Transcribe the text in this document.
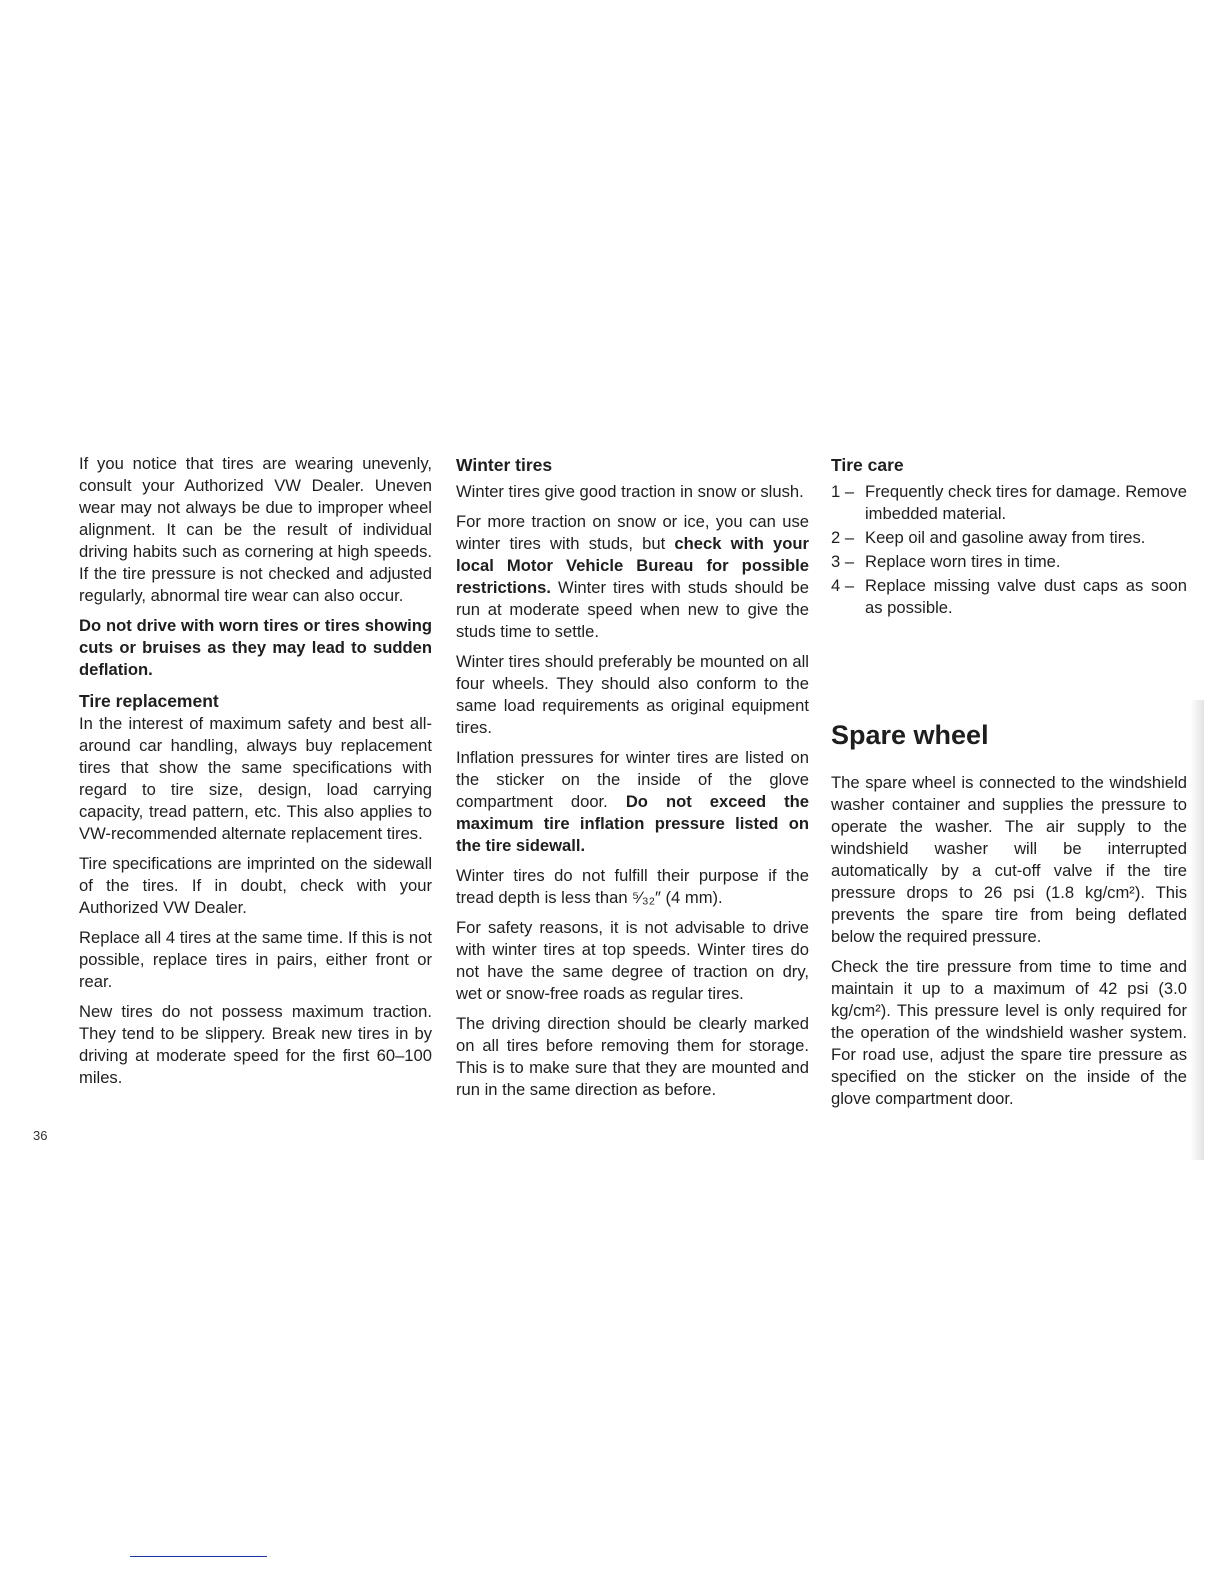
If you notice that tires are wearing unevenly, consult your Authorized VW Dealer. Uneven wear may not always be due to improper wheel alignment. It can be the result of individual driving habits such as cornering at high speeds. If the tire pressure is not checked and adjusted regularly, abnormal tire wear can also occur.

Do not drive with worn tires or tires showing cuts or bruises as they may lead to sudden deflation.

Tire replacement

In the interest of maximum safety and best all-around car handling, always buy replacement tires that show the same specifications with regard to tire size, design, load carrying capacity, tread pattern, etc. This also applies to VW-recommended alternate replacement tires.

Tire specifications are imprinted on the sidewall of the tires. If in doubt, check with your Authorized VW Dealer.

Replace all 4 tires at the same time. If this is not possible, replace tires in pairs, either front or rear.

New tires do not possess maximum traction. They tend to be slippery. Break new tires in by driving at moderate speed for the first 60–100 miles.

36
Winter tires

Winter tires give good traction in snow or slush.

For more traction on snow or ice, you can use winter tires with studs, but check with your local Motor Vehicle Bureau for possible restrictions. Winter tires with studs should be run at moderate speed when new to give the studs time to settle.

Winter tires should preferably be mounted on all four wheels. They should also conform to the same load requirements as original equipment tires.

Inflation pressures for winter tires are listed on the sticker on the inside of the glove compartment door. Do not exceed the maximum tire inflation pressure listed on the tire sidewall.

Winter tires do not fulfill their purpose if the tread depth is less than ⁵⁄₃₂″ (4 mm).

For safety reasons, it is not advisable to drive with winter tires at top speeds. Winter tires do not have the same degree of traction on dry, wet or snow-free roads as regular tires.

The driving direction should be clearly marked on all tires before removing them for storage. This is to make sure that they are mounted and run in the same direction as before.

Tire care
1 – Frequently check tires for damage. Remove imbedded material.
2 – Keep oil and gasoline away from tires.
3 – Replace worn tires in time.
4 – Replace missing valve dust caps as soon as possible.
Spare wheel

The spare wheel is connected to the windshield washer container and supplies the pressure to operate the washer. The air supply to the windshield washer will be interrupted automatically by a cut-off valve if the tire pressure drops to 26 psi (1.8 kg/cm²). This prevents the spare tire from being deflated below the required pressure.

Check the tire pressure from time to time and maintain it up to a maximum of 42 psi (3.0 kg/cm²). This pressure level is only required for the operation of the windshield washer system. For road use, adjust the spare tire pressure as specified on the sticker on the inside of the glove compartment door.
